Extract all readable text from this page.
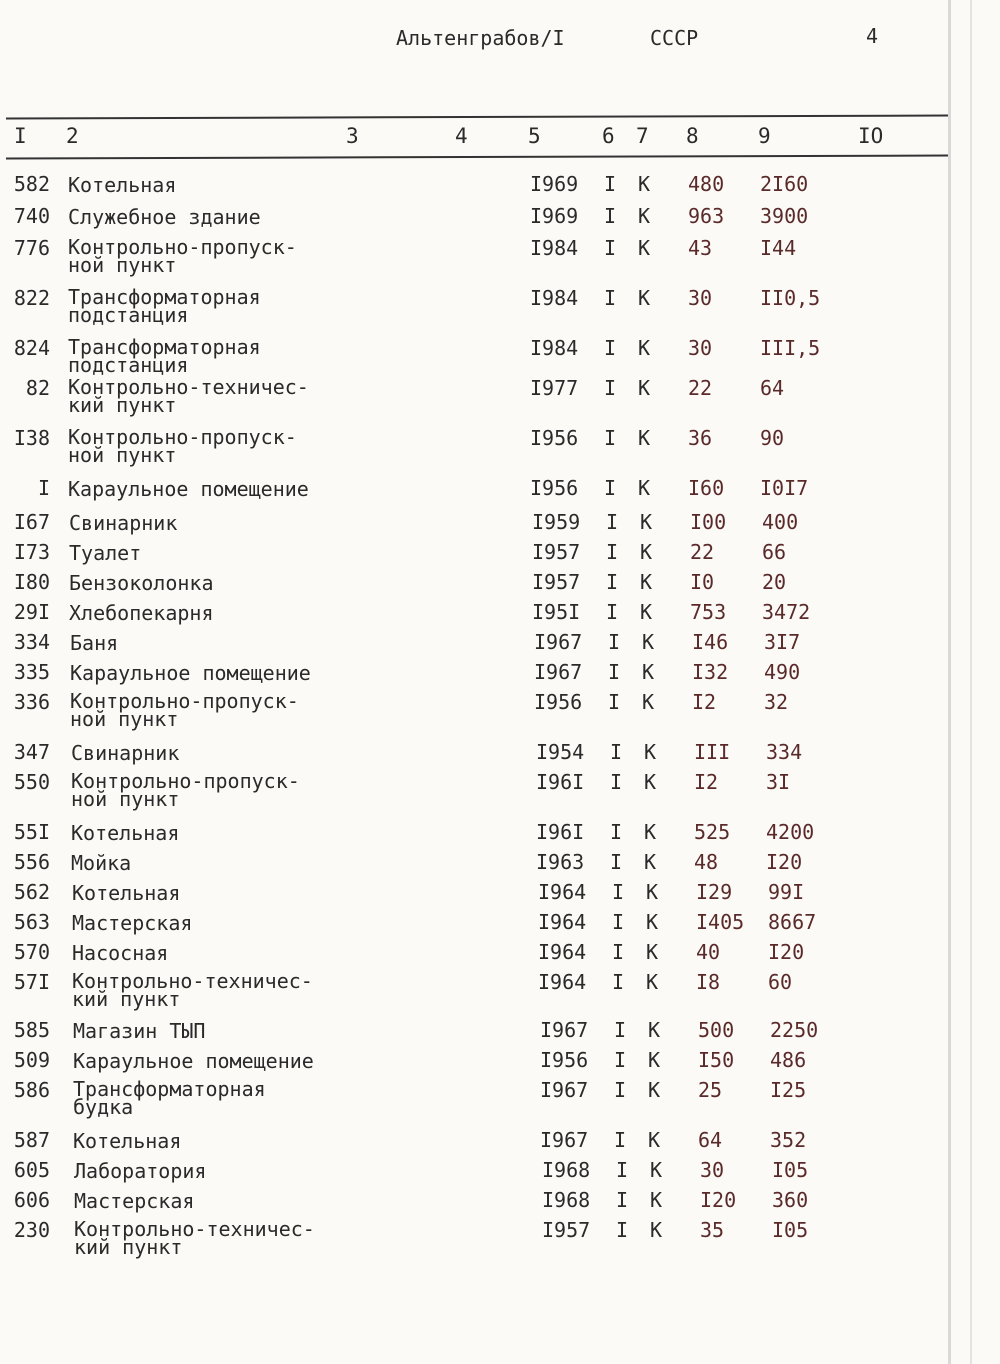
Альтенграбов/I	СССР	4
I 2	3	4	5	6 7 8	9	IO
582 Котельная	I969 I К 480 2I60
740 Служебное здание	I969 I К 963 3900
776 Контрольно-пропуск-
ной пункт
I984 I К 43 I44
822 Трансформаторная
подстанция
I984 I К 30 II0,5
824 Трансформаторная
подстанция
I984 I К 30 III,5
82 Контрольно-техничес-
кий пункт
I977 I К 22 64
I38 Контрольно-пропуск-
ной пункт
I956 I К 36 90
I Караульное помещение	I956 I К I60 I0I7
I67 Свинарник	I959 I К I00 400
I73 Туалет	I957 I К 22 66
I80 Бензоколонка	I957 I К I0 20
29I Хлебопекарня	I95I I К 753 3472
334 Баня	I967 I К I46 3I7
335 Караульное помещение	I967 I К I32 490
336 Контрольно-пропуск-
ной пункт
I956 I К I2 32
347 Свинарник	I954 I К III 334
550 Контрольно-пропуск-
ной пункт
I96I I К I2 3I
55I Котельная	I96I I К 525 4200
556 Мойка	I963 I К 48 I20
562 Котельная	I964 I К I29 99I
563 Мастерская	I964 I К I405 8667
570 Насосная	I964 I К 40 I20
57I Контрольно-техничес-
кий пункт
I964 I К I8 60
585 Магазин ТЫП	I967 I К 500 2250
509 Караульное помещение	I956 I К I50 486
586 Трансформаторная
будка
I967 I К 25 I25
587 Котельная	I967 I К 64 352
605 Лаборатория	I968 I К 30 I05
606 Мастерская	I968 I К I20 360
230 Контрольно-техничес-
кий пункт
I957 I К 35 I05
